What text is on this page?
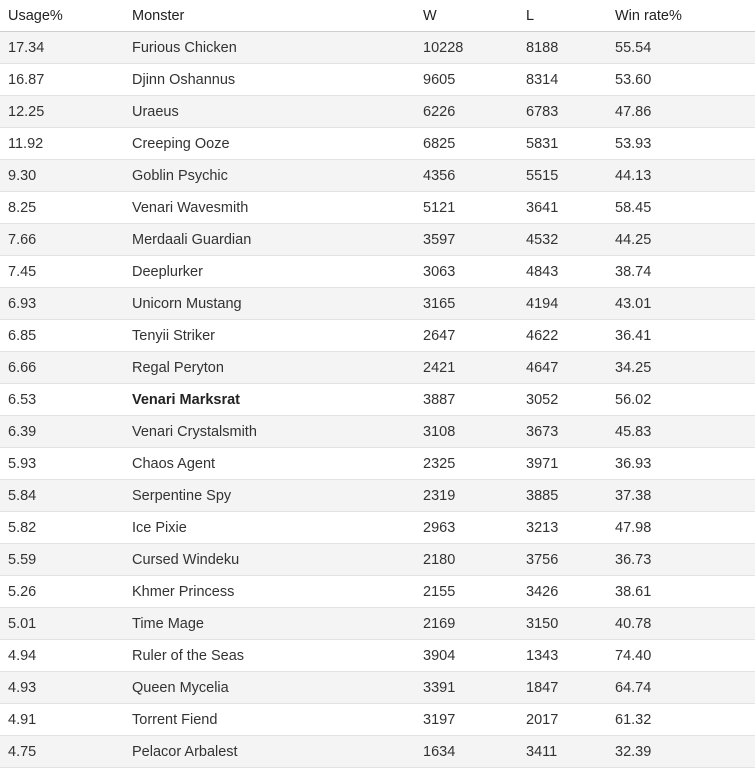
Usage%	Monster	W	L	Win rate%
17.34	Furious Chicken	10228	8188	55.54
16.87	Djinn Oshannus	9605	8314	53.60
12.25	Uraeus	6226	6783	47.86
11.92	Creeping Ooze	6825	5831	53.93
9.30	Goblin Psychic	4356	5515	44.13
8.25	Venari Wavesmith	5121	3641	58.45
7.66	Merdaali Guardian	3597	4532	44.25
7.45	Deeplurker	3063	4843	38.74
6.93	Unicorn Mustang	3165	4194	43.01
6.85	Tenyii Striker	2647	4622	36.41
6.66	Regal Peryton	2421	4647	34.25
6.53	Venari Marksrat	3887	3052	56.02
6.39	Venari Crystalsmith	3108	3673	45.83
5.93	Chaos Agent	2325	3971	36.93
5.84	Serpentine Spy	2319	3885	37.38
5.82	Ice Pixie	2963	3213	47.98
5.59	Cursed Windeku	2180	3756	36.73
5.26	Khmer Princess	2155	3426	38.61
5.01	Time Mage	2169	3150	40.78
4.94	Ruler of the Seas	3904	1343	74.40
4.93	Queen Mycelia	3391	1847	64.74
4.91	Torrent Fiend	3197	2017	61.32
4.75	Pelacor Arbalest	1634	3411	32.39
